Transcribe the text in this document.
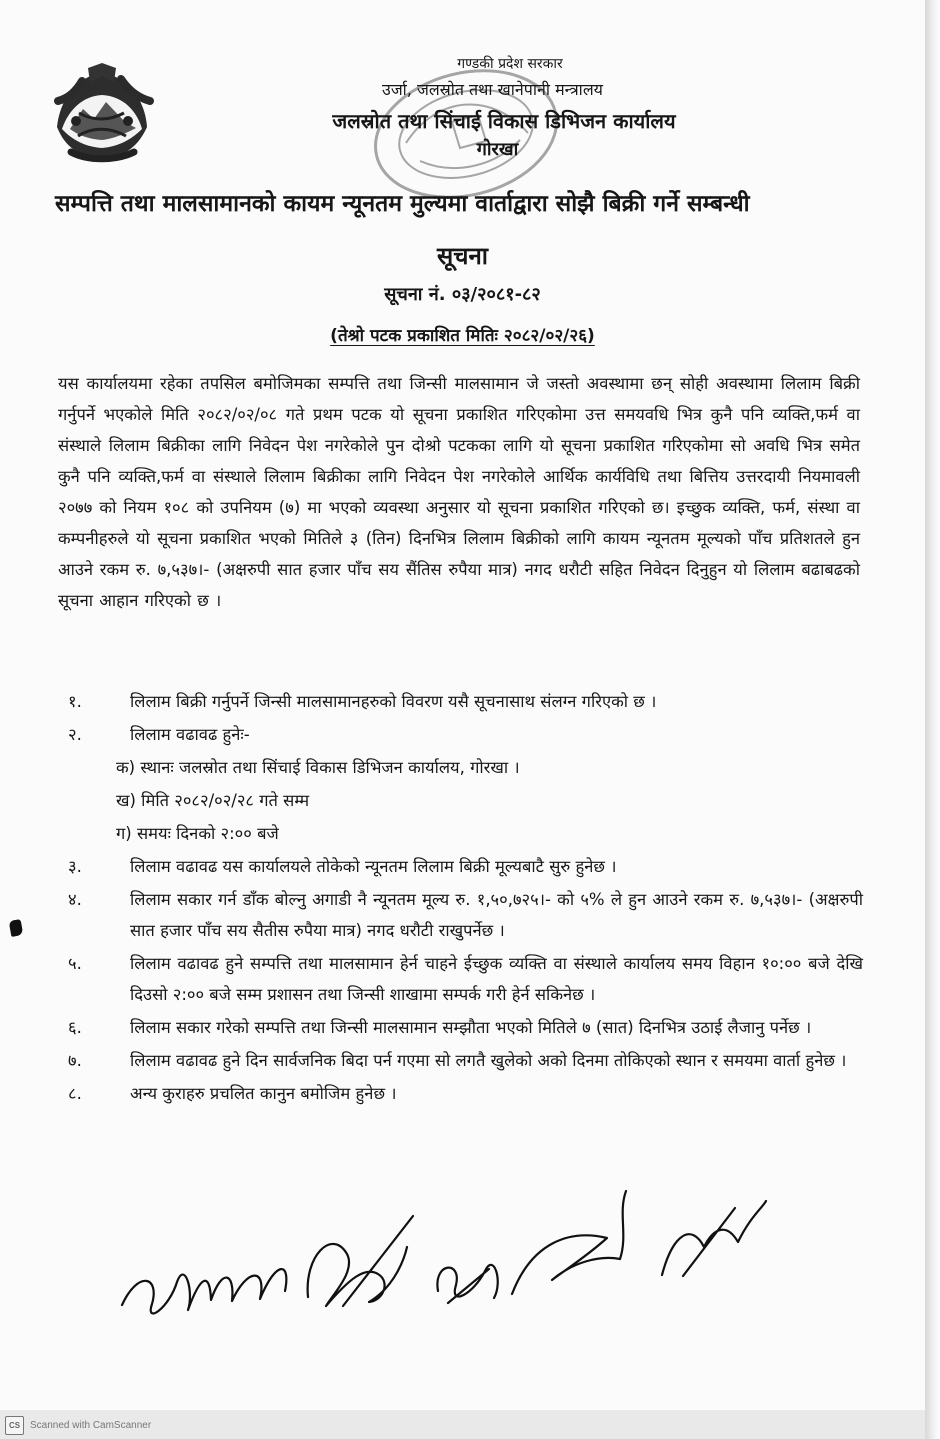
गण्डकी प्रदेश सरकार
उर्जा, जलस्रोत तथा खानेपानी मन्त्रालय
जलस्रोत तथा सिंचाई विकास डिभिजन कार्यालय
गोरखा
सम्पत्ति तथा मालसामानको कायम न्यूनतम मुल्यमा वार्ताद्वारा सोझै बिक्री गर्ने सम्बन्धी
सूचना
सूचना नं. ०३/२०८१-८२
(तेश्रो पटक प्रकाशित मितिः २०८२/०२/२६)
यस कार्यालयमा रहेका तपसिल बमोजिमका सम्पत्ति तथा जिन्सी मालसामान जे जस्तो अवस्थामा छन् सोही अवस्थामा लिलाम बिक्री गर्नुपर्ने भएकोले मिति २०८२/०२/०८ गते प्रथम पटक यो सूचना प्रकाशित गरिएकोमा उत्त समयवधि भित्र कुनै पनि व्यक्ति,फर्म वा संस्थाले लिलाम बिक्रीका लागि निवेदन पेश नगरेकोले पुन दोश्रो पटकका लागि यो सूचना प्रकाशित गरिएकोमा सो अवधि भित्र समेत कुनै पनि व्यक्ति,फर्म वा संस्थाले लिलाम बिक्रीका लागि निवेदन पेश नगरेकोले आर्थिक कार्यविधि तथा बित्तिय उत्तरदायी नियमावली २०७७ को नियम १०८ को उपनियम (७) मा भएको व्यवस्था अनुसार यो सूचना प्रकाशित गरिएको छ। इच्छुक व्यक्ति, फर्म, संस्था वा कम्पनीहरुले यो सूचना प्रकाशित भएको मितिले ३ (तिन) दिनभित्र लिलाम बिक्रीको लागि कायम न्यूनतम मूल्यको पाँच प्रतिशतले हुन आउने रकम रु. ७,५३७।- (अक्षरुपी सात हजार पाँच सय सैंतिस रुपैया मात्र) नगद धरौटी सहित निवेदन दिनुहुन यो लिलाम बढाबढको सूचना आहान गरिएको छ ।
१.	लिलाम बिक्री गर्नुपर्ने जिन्सी मालसामानहरुको विवरण यसै सूचनासाथ संलग्न गरिएको छ ।
२.	लिलाम वढावढ हुनेः-
क) स्थानः जलस्रोत तथा सिंचाई विकास डिभिजन कार्यालय, गोरखा ।
ख) मिति २०८२/०२/२८ गते सम्म
ग) समयः दिनको २:०० बजे
३.	लिलाम वढावढ यस कार्यालयले तोकेको न्यूनतम लिलाम बिक्री मूल्यबाटै सुरु हुनेछ ।
४.	लिलाम सकार गर्न डाँक बोल्नु अगाडी नै न्यूनतम मूल्य रु. १,५०,७२५।- को ५% ले हुन आउने रकम रु. ७,५३७।- (अक्षरुपी सात हजार पाँच सय सैतीस रुपैया मात्र) नगद धरौटी राखुपर्नेछ ।
५.	लिलाम वढावढ हुने सम्पत्ति तथा मालसामान हेर्न चाहने ईच्छुक व्यक्ति वा संस्थाले कार्यालय समय विहान १०:०० बजे देखि दिउसो २:०० बजे सम्म प्रशासन तथा जिन्सी शाखामा सम्पर्क गरी हेर्न सकिनेछ ।
६.	लिलाम सकार गरेको सम्पत्ति तथा जिन्सी मालसामान सम्झौता भएको मितिले ७ (सात) दिनभित्र उठाई लैजानु पर्नेछ ।
७.	लिलाम वढावढ हुने दिन सार्वजनिक बिदा पर्न गएमा सो लगतै खुलेको अको दिनमा तोकिएको स्थान र समयमा वार्ता हुनेछ ।
८.	अन्य कुराहरु प्रचलित कानुन बमोजिम हुनेछ ।
CS Scanned with CamScanner
